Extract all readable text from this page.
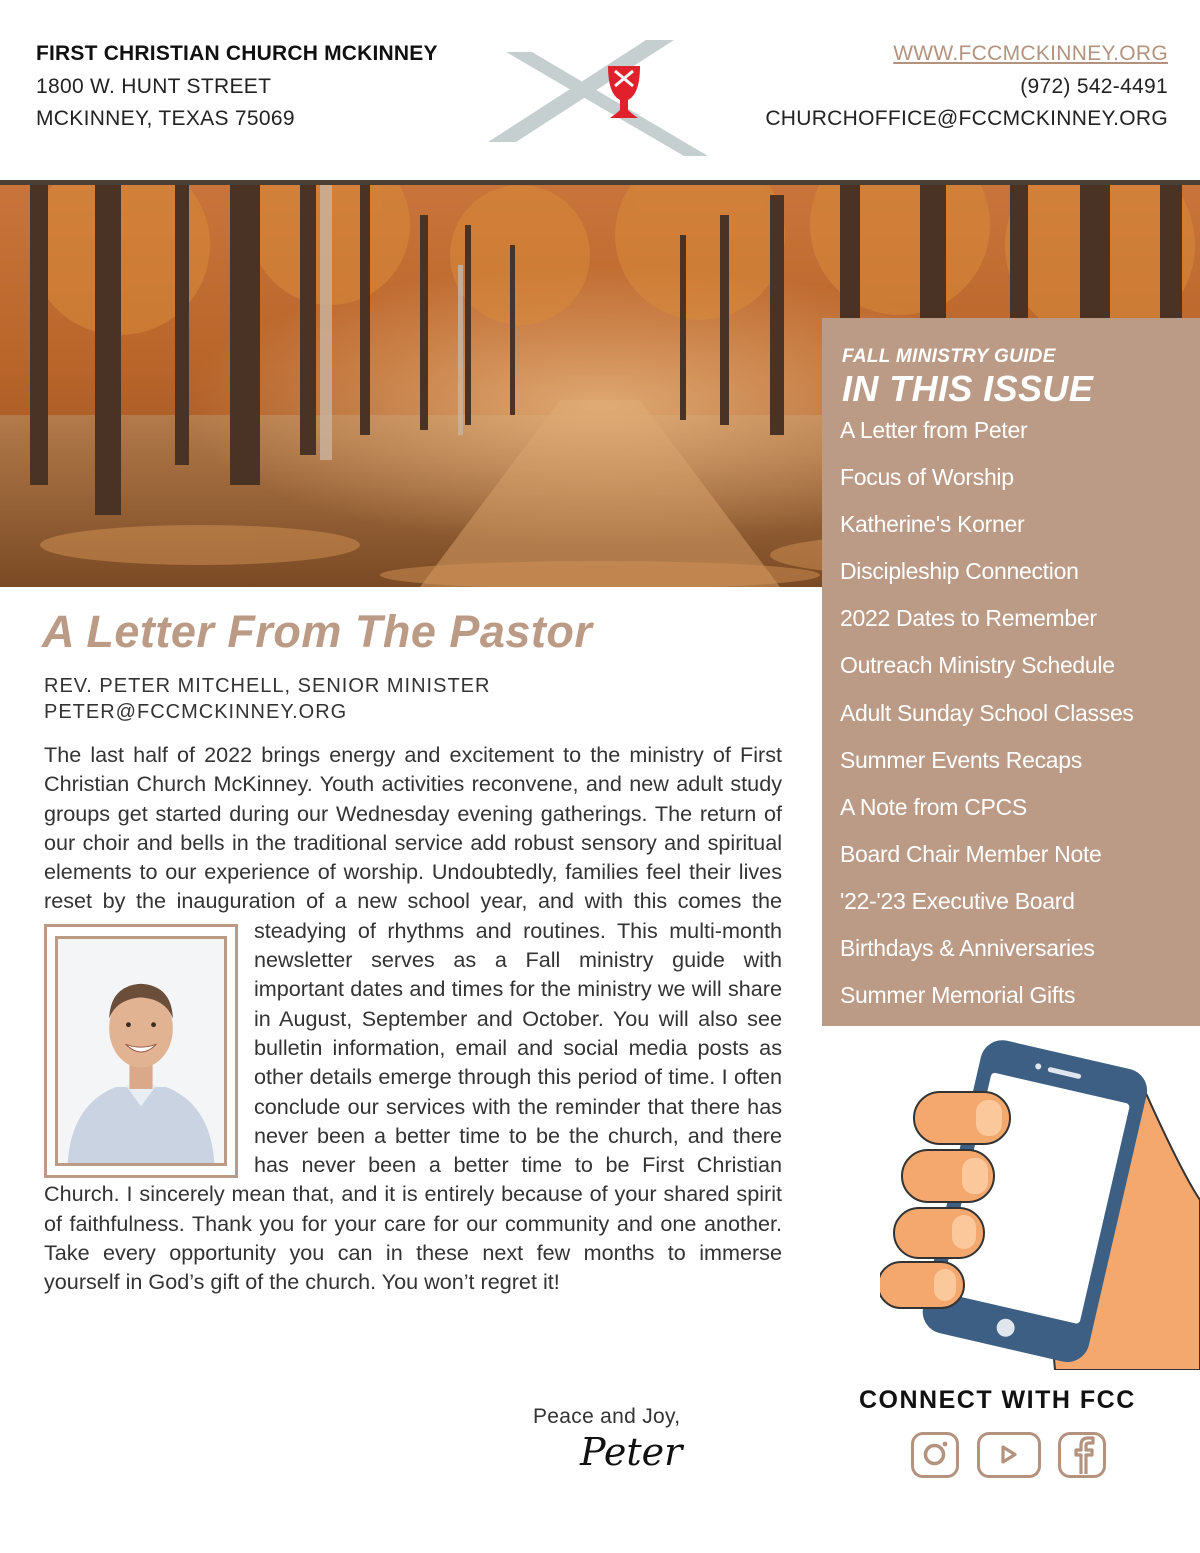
FIRST CHRISTIAN CHURCH MCKINNEY
1800 W. HUNT STREET
MCKINNEY, TEXAS 75069
WWW.FCCMCKINNEY.ORG
(972) 542-4491
CHURCHOFFICE@FCCMCKINNEY.ORG
FALL MINISTRY GUIDE
IN THIS ISSUE
A Letter from Peter
Focus of Worship
Katherine's Korner
Discipleship Connection
2022 Dates to Remember
Outreach Ministry Schedule
Adult Sunday School Classes
Summer Events Recaps
A Note from CPCS
Board Chair Member Note
'22-'23 Executive Board
Birthdays & Anniversaries
Summer Memorial Gifts
A Letter From The Pastor
REV. PETER MITCHELL, SENIOR MINISTER
PETER@FCCMCKINNEY.ORG
The last half of 2022 brings energy and excitement to the ministry of First Christian Church McKinney. Youth activities reconvene, and new adult study groups get started during our Wednesday evening gatherings. The return of our choir and bells in the traditional service add robust sensory and spiritual elements to our experience of worship. Undoubtedly, families feel their lives reset by the inauguration of a new school year, and with this comes the steadying of rhythms and routines. This multi-month newsletter serves as a Fall ministry guide with important dates and times for the ministry we will share in August, September and October. You will also see bulletin information, email and social media posts as other details emerge through this period of time. I often conclude our services with the reminder that there has never been a better time to be the church, and there has never been a better time to be First Christian Church. I sincerely mean that, and it is entirely because of your shared spirit of faithfulness. Thank you for your care for our community and one another. Take every opportunity you can in these next few months to immerse yourself in God’s gift of the church. You won’t regret it!
Peace and Joy,
Peter
CONNECT WITH FCC
